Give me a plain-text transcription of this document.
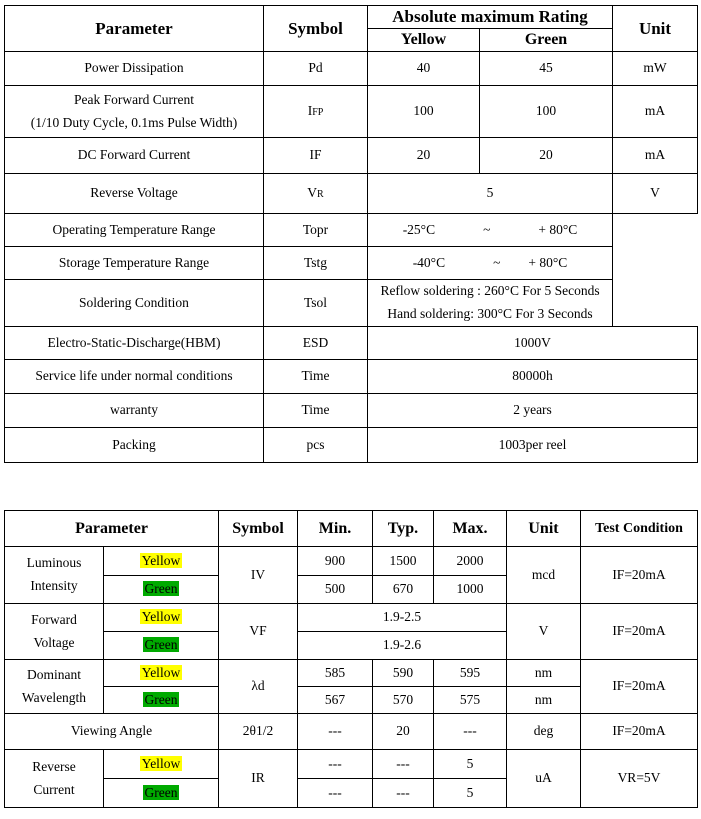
Parameter	Symbol	Absolute maximum Rating		Unit
		Yellow	Green	
Power Dissipation	Pd	40	45	mW

Peak Forward Current
(1/10 Duty Cycle, 0.1ms Pulse Width)	IFP	100	100	mA
DC Forward Current	IF	20	20	mA
Reverse Voltage	VR	5		V
Operating Temperature Range	Topr	-25°C ~ + 80°C		
Storage Temperature Range	Tstg	-40°C ~ + 80°C		
Soldering Condition	Tsol	Reflow soldering : 260°C For 5 Seconds
Hand soldering: 300°C For 3 Seconds		

Electro-Static-Discharge(HBM)	ESD	1000V		
Service life under normal conditions	Time	80000h		
warranty	Time	2 years		
Packing	pcs	1003per reel		
Parameter		Symbol	Min.	Typ.	Max.	Unit	Test Condition

Luminous
Intensity	Yellow	IV	900	1500	2000	mcd	IF=20mA
	Green		500	670	1000		

Forward
Voltage	Yellow	VF	1.9-2.5			V	IF=20mA
	Green		1.9-2.6				

Dominant
Wavelength	Yellow	λd	585	590	595	nm	IF=20mA
	Green		567	570	575	nm	
Viewing Angle		2θ1/2	---	20	---	deg	IF=20mA

Reverse
Current	Yellow	IR	---	---	5	uA	VR=5V
	Green		---	---	5		
